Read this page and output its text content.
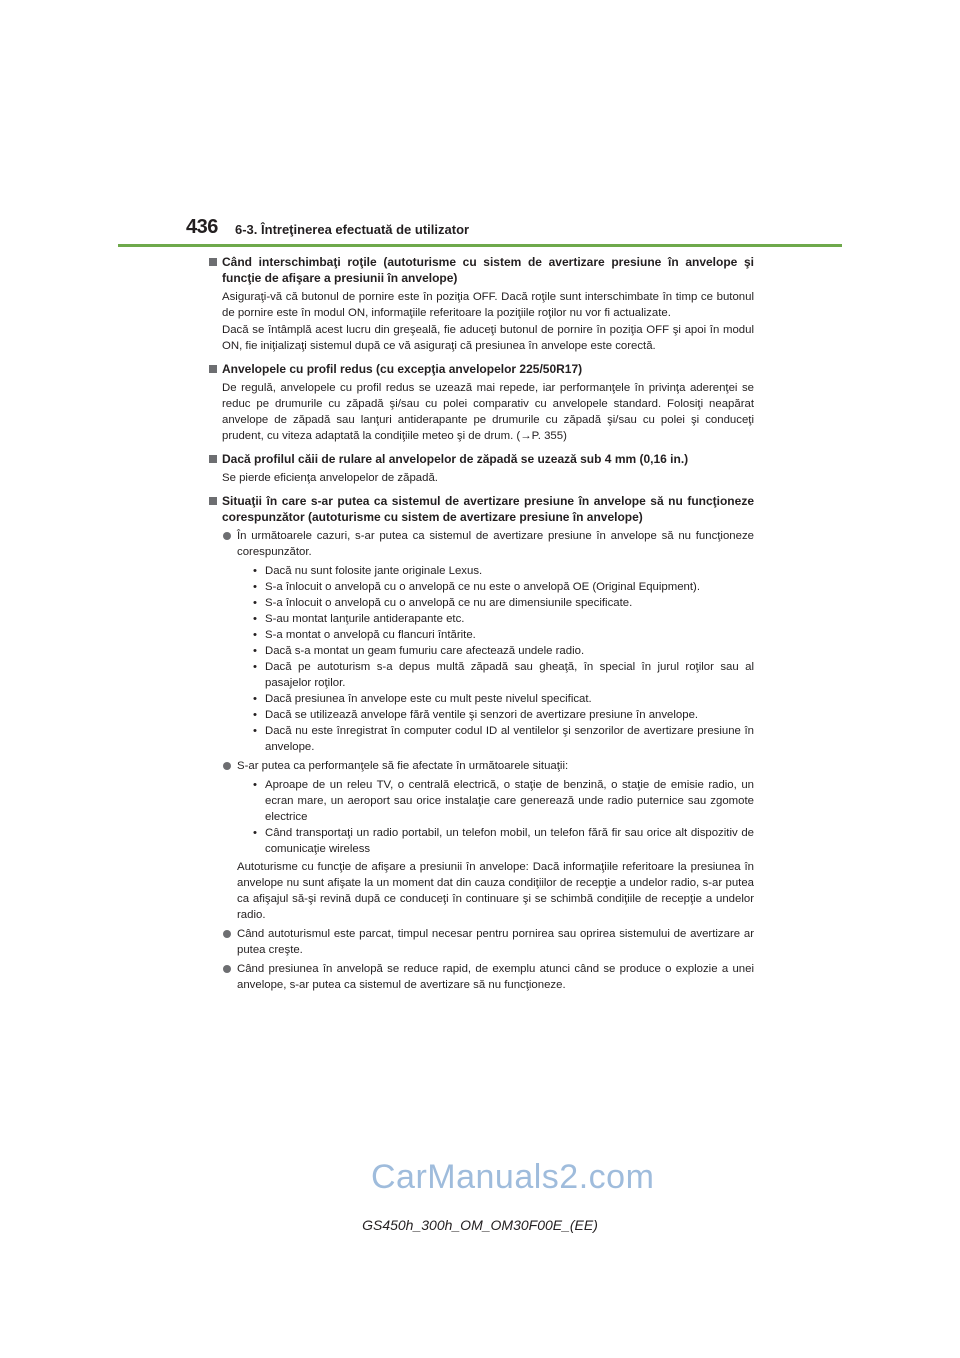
436 6-3. Întreţinerea efectuată de utilizator
Când interschimbaţi roţile (autoturisme cu sistem de avertizare presiune în anvelope şi funcţie de afişare a presiunii în anvelope)

Asiguraţi-vă că butonul de pornire este în poziţia OFF. Dacă roţile sunt interschimbate în timp ce butonul de pornire este în modul ON, informaţiile referitoare la poziţiile roţilor nu vor fi actualizate.

Dacă se întâmplă acest lucru din greşeală, fie aduceţi butonul de pornire în poziţia OFF şi apoi în modul ON, fie iniţializaţi sistemul după ce vă asiguraţi că presiunea în anvelope este corectă.

Anvelopele cu profil redus (cu excepţia anvelopelor 225/50R17)

De regulă, anvelopele cu profil redus se uzează mai repede, iar performanţele în privinţa aderenţei se reduc pe drumurile cu zăpadă şi/sau cu polei comparativ cu anvelopele standard. Folosiţi neapărat anvelope de zăpadă sau lanţuri antiderapante pe drumurile cu zăpadă şi/sau cu polei şi conduceţi prudent, cu viteza adaptată la condiţiile meteo şi de drum. (→P. 355)

Dacă profilul căii de rulare al anvelopelor de zăpadă se uzează sub 4 mm (0,16 in.)

Se pierde eficienţa anvelopelor de zăpadă.

Situaţii în care s-ar putea ca sistemul de avertizare presiune în anvelope să nu funcţioneze corespunzător (autoturisme cu sistem de avertizare presiune în anvelope)
În următoarele cazuri, s-ar putea ca sistemul de avertizare presiune în anvelope să nu funcţioneze corespunzător.
• Dacă nu sunt folosite jante originale Lexus.
• S-a înlocuit o anvelopă cu o anvelopă ce nu este o anvelopă OE (Original Equipment).
• S-a înlocuit o anvelopă cu o anvelopă ce nu are dimensiunile specificate.
• S-au montat lanţurile antiderapante etc.
• S-a montat o anvelopă cu flancuri întărite.
• Dacă s-a montat un geam fumuriu care afectează undele radio.
• Dacă pe autoturism s-a depus multă zăpadă sau gheaţă, în special în jurul roţilor sau al pasajelor roţilor.
• Dacă presiunea în anvelope este cu mult peste nivelul specificat.
• Dacă se utilizează anvelope fără ventile şi senzori de avertizare presiune în anvelope.
• Dacă nu este înregistrat în computer codul ID al ventilelor şi senzorilor de avertizare presiune în anvelope.
S-ar putea ca performanţele să fie afectate în următoarele situaţii:
• Aproape de un releu TV, o centrală electrică, o staţie de benzină, o staţie de emisie radio, un ecran mare, un aeroport sau orice instalaţie care generează unde radio puternice sau zgomote electrice
• Când transportaţi un radio portabil, un telefon mobil, un telefon fără fir sau orice alt dispozitiv de comunicaţie wireless
Autoturisme cu funcţie de afişare a presiunii în anvelope: Dacă informaţiile referitoare la presiunea în anvelope nu sunt afişate la un moment dat din cauza condiţiilor de recepţie a undelor radio, s-ar putea ca afişajul să-şi revină după ce conduceţi în continuare şi se schimbă condiţiile de recepţie a undelor radio.
Când autoturismul este parcat, timpul necesar pentru pornirea sau oprirea sistemului de avertizare ar putea creşte.
Când presiunea în anvelopă se reduce rapid, de exemplu atunci când se produce o explozie a unei anvelope, s-ar putea ca sistemul de avertizare să nu funcţioneze.
CarManuals2.com
GS450h_300h_OM_OM30F00E_(EE)
